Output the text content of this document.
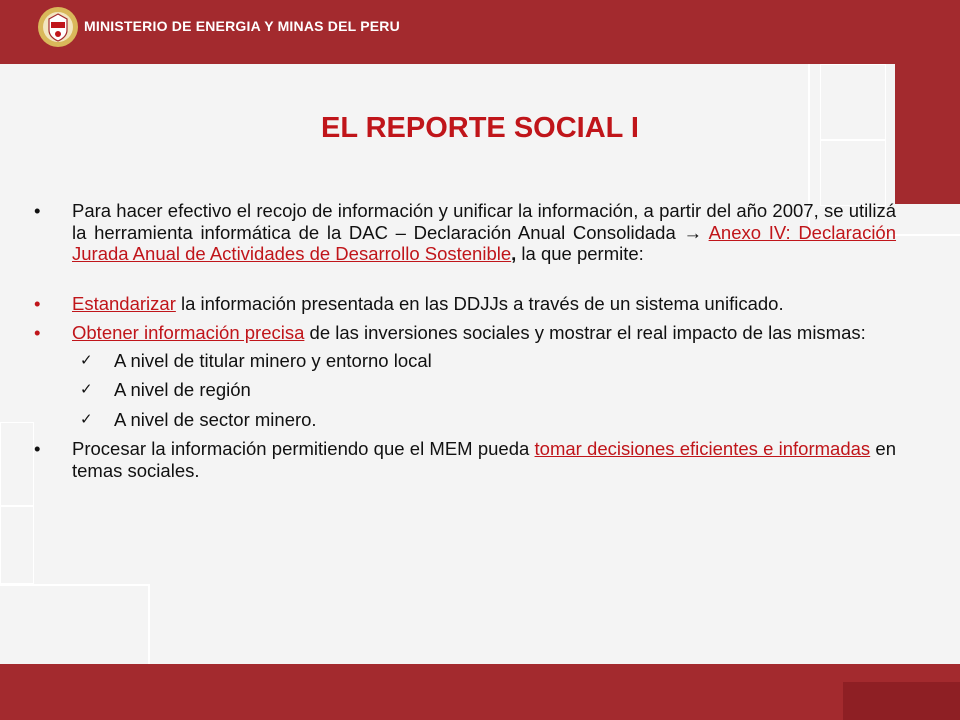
MINISTERIO DE ENERGIA Y MINAS DEL PERU
EL REPORTE SOCIAL I
• Para hacer efectivo el recojo de información y unificar la información, a partir del año 2007, se utilizá la herramienta informática de la DAC – Declaración Anual Consolidada → Anexo IV: Declaración Jurada Anual de Actividades de Desarrollo Sostenible, la que permite:
• Estandarizar la información presentada en las DDJJs a través de un sistema unificado.
• Obtener información precisa de las inversiones sociales y mostrar el real impacto de las mismas:
✓ A nivel de titular minero y entorno local
✓ A nivel de región
✓ A nivel de sector minero.
• Procesar la información permitiendo que el MEM pueda tomar decisiones eficientes e informadas en temas sociales.
